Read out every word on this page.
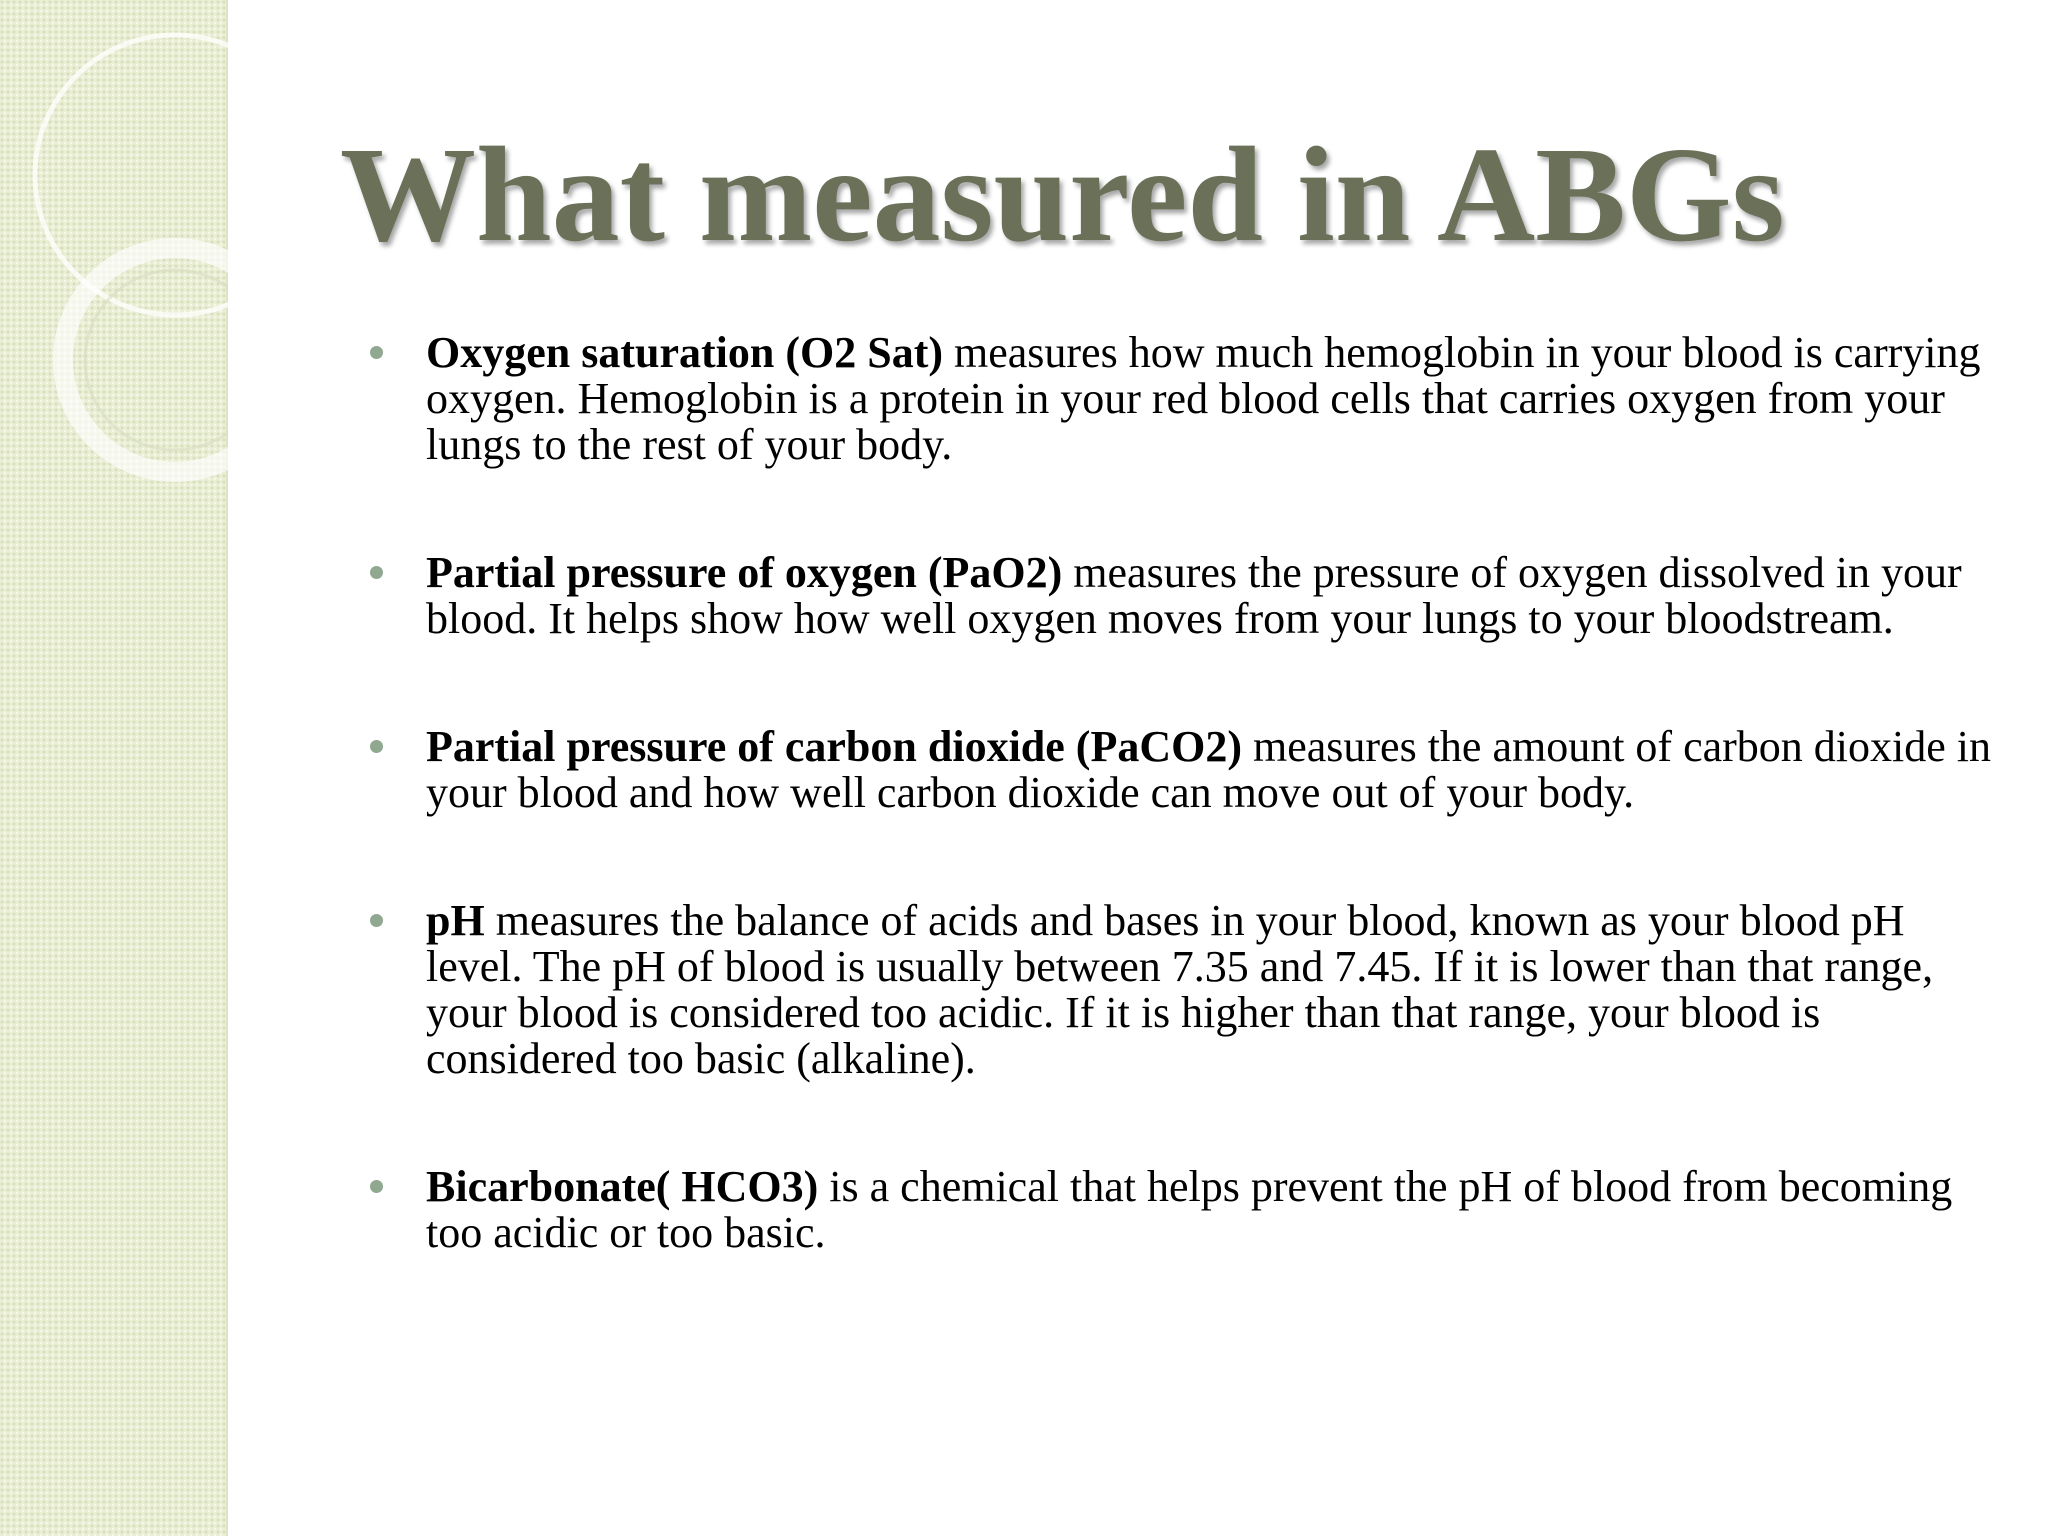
What measured in ABGs
Oxygen saturation (O2 Sat) measures how much hemoglobin in your blood is carrying oxygen. Hemoglobin is a protein in your red blood cells that carries oxygen from your lungs to the rest of your body.
Partial pressure of oxygen (PaO2) measures the pressure of oxygen dissolved in your blood. It helps show how well oxygen moves from your lungs to your bloodstream.
Partial pressure of carbon dioxide (PaCO2) measures the amount of carbon dioxide in your blood and how well carbon dioxide can move out of your body.
pH measures the balance of acids and bases in your blood, known as your blood pH level. The pH of blood is usually between 7.35 and 7.45. If it is lower than that range, your blood is considered too acidic. If it is higher than that range, your blood is considered too basic (alkaline).
Bicarbonate( HCO3) is a chemical that helps prevent the pH of blood from becoming too acidic or too basic.
